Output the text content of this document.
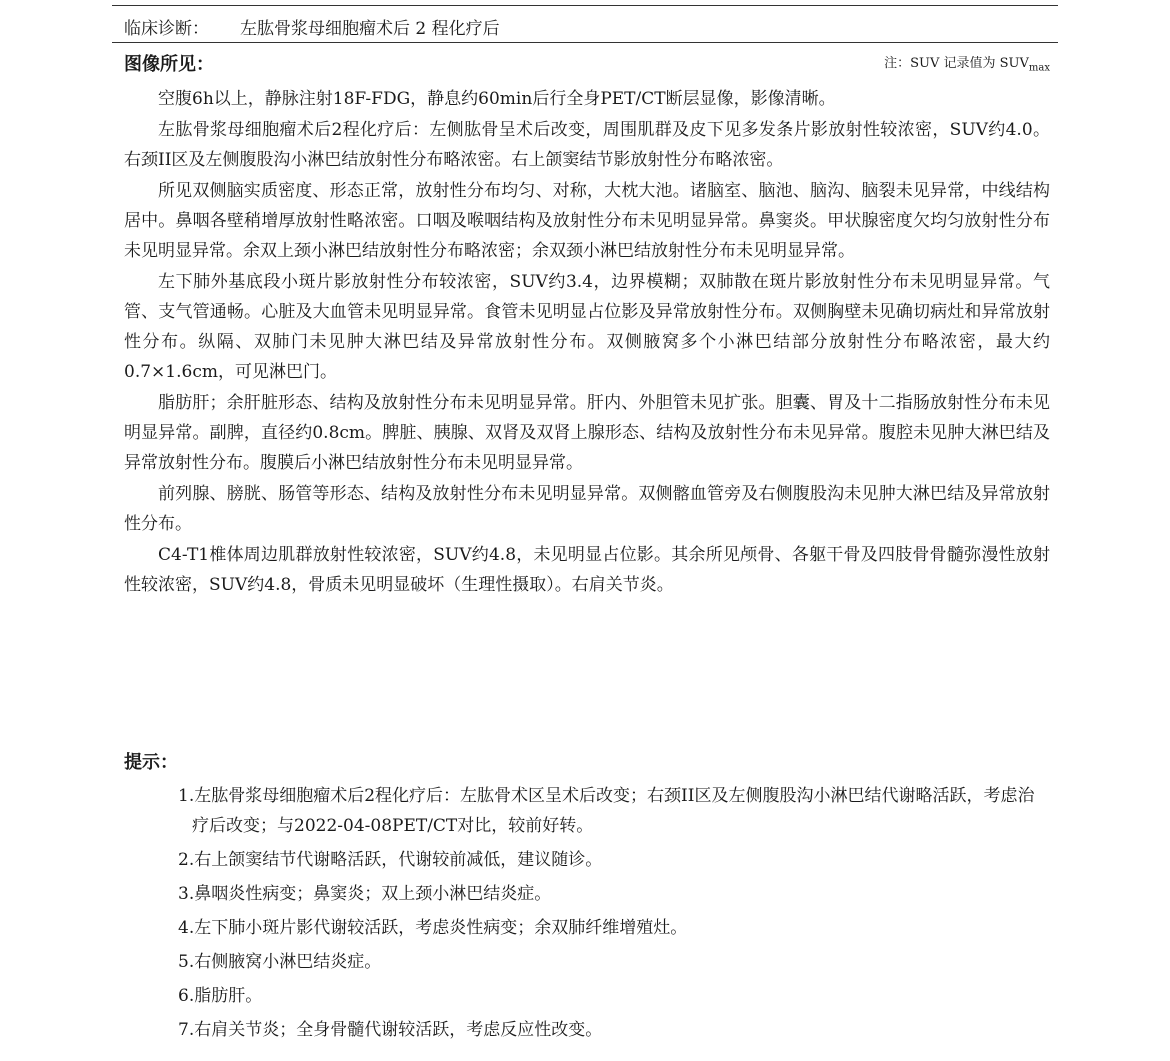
临床诊断： 左肱骨浆母细胞瘤术后 2 程化疗后
图像所见：	注：SUV 记录值为 $SUV_{max}$

空腹6h以上，静脉注射18F-FDG，静息约60min后行全身PET/CT断层显像，影像清晰。

左肱骨浆母细胞瘤术后2程化疗后：左侧肱骨呈术后改变，周围肌群及皮下见多发条片影放射性较浓密，SUV约4.0。右颈II区及左侧腹股沟小淋巴结放射性分布略浓密。右上颌窦结节影放射性分布略浓密。

所见双侧脑实质密度、形态正常，放射性分布均匀、对称，大枕大池。诸脑室、脑池、脑沟、脑裂未见异常，中线结构居中。鼻咽各壁稍增厚放射性略浓密。口咽及喉咽结构及放射性分布未见明显异常。鼻窦炎。甲状腺密度欠均匀放射性分布未见明显异常。余双上颈小淋巴结放射性分布略浓密；余双颈小淋巴结放射性分布未见明显异常。

左下肺外基底段小斑片影放射性分布较浓密，SUV约3.4，边界模糊；双肺散在斑片影放射性分布未见明显异常。气管、支气管通畅。心脏及大血管未见明显异常。食管未见明显占位影及异常放射性分布。双侧胸壁未见确切病灶和异常放射性分布。纵隔、双肺门未见肿大淋巴结及异常放射性分布。双侧腋窝多个小淋巴结部分放射性分布略浓密，最大约0.7×1.6cm，可见淋巴门。

脂肪肝；余肝脏形态、结构及放射性分布未见明显异常。肝内、外胆管未见扩张。胆囊、胃及十二指肠放射性分布未见明显异常。副脾，直径约0.8cm。脾脏、胰腺、双肾及双肾上腺形态、结构及放射性分布未见异常。腹腔未见肿大淋巴结及异常放射性分布。腹膜后小淋巴结放射性分布未见明显异常。

前列腺、膀胱、肠管等形态、结构及放射性分布未见明显异常。双侧髂血管旁及右侧腹股沟未见肿大淋巴结及异常放射性分布。

C4-T1椎体周边肌群放射性较浓密，SUV约4.8，未见明显占位影。其余所见颅骨、各躯干骨及四肢骨骨髓弥漫性放射性较浓密，SUV约4.8，骨质未见明显破坏（生理性摄取）。右肩关节炎。

提示：
1.左肱骨浆母细胞瘤术后2程化疗后：左肱骨术区呈术后改变；右颈II区及左侧腹股沟小淋巴结代谢略活跃，考虑治疗后改变；与2022-04-08PET/CT对比，较前好转。
2.右上颌窦结节代谢略活跃，代谢较前减低，建议随诊。
3.鼻咽炎性病变；鼻窦炎；双上颈小淋巴结炎症。
4.左下肺小斑片影代谢较活跃，考虑炎性病变；余双肺纤维增殖灶。
5.右侧腋窝小淋巴结炎症。
6.脂肪肝。
7.右肩关节炎；全身骨髓代谢较活跃，考虑反应性改变。
